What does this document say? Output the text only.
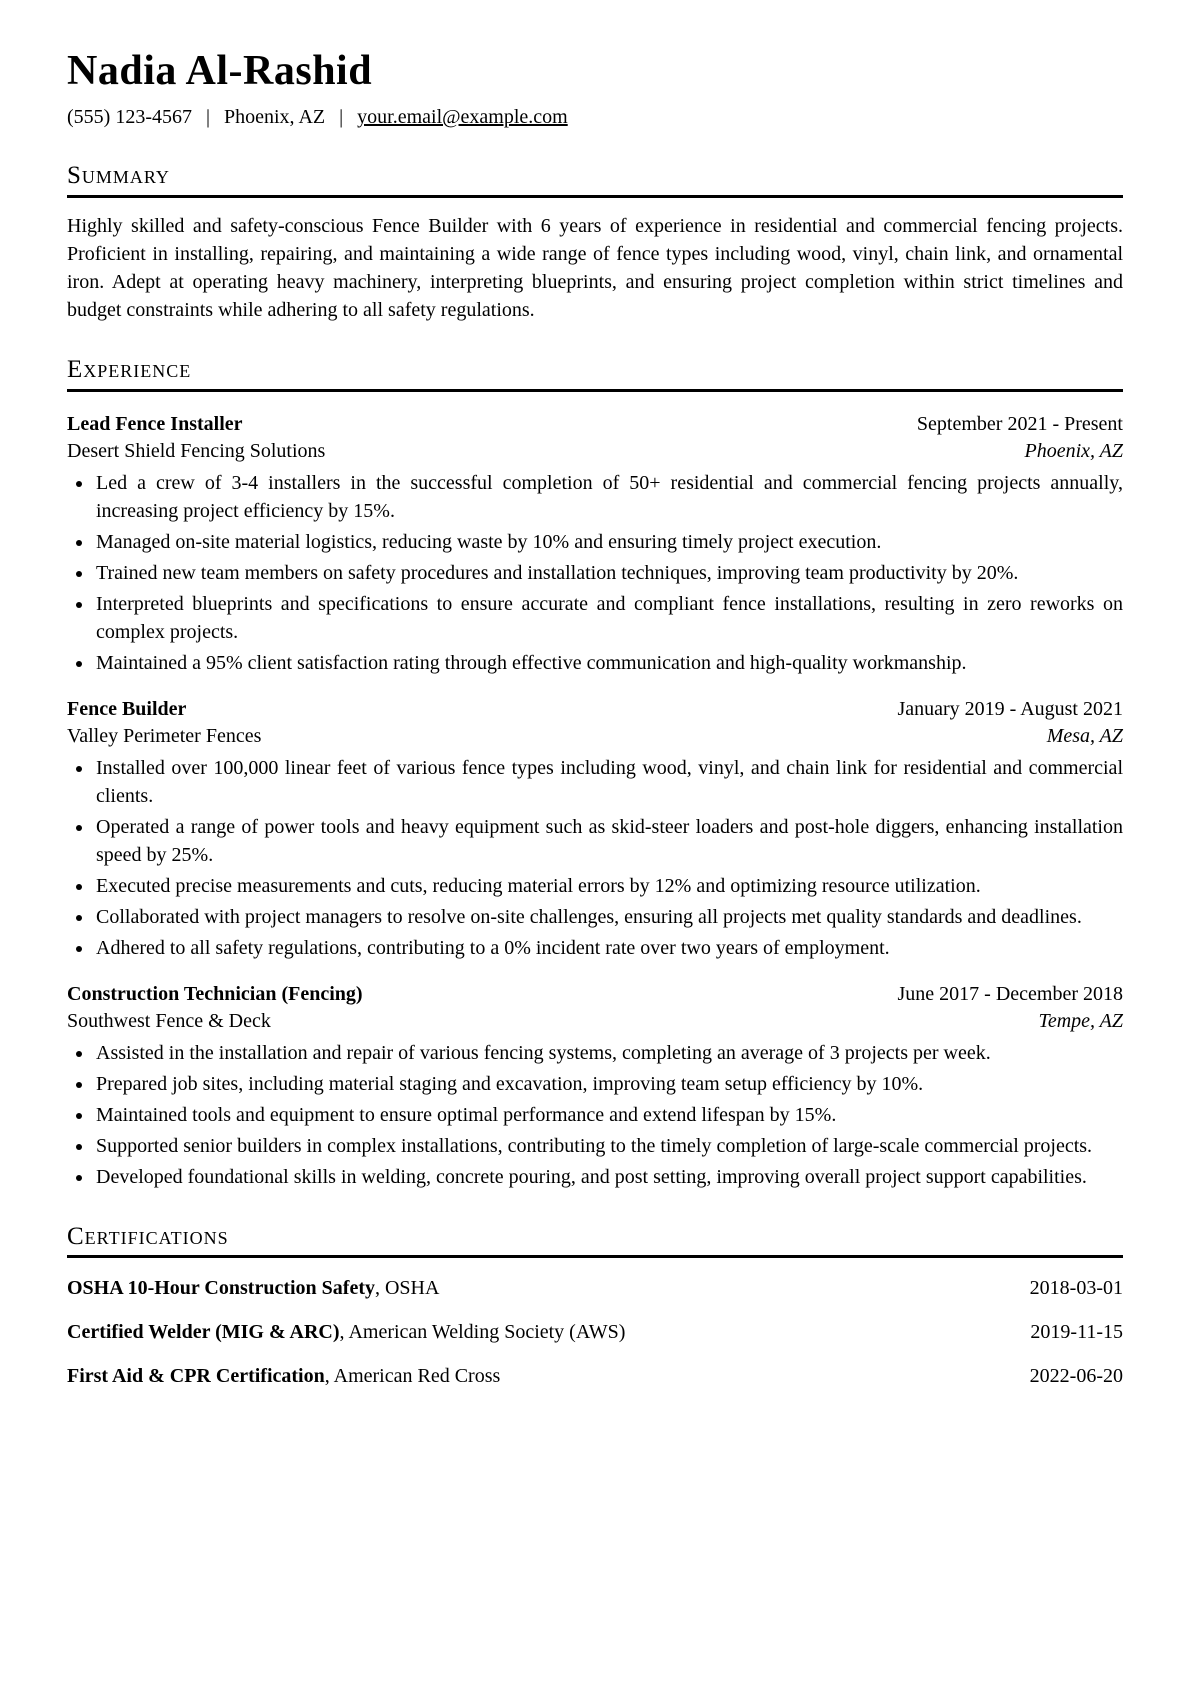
Nadia Al-Rashid
(555) 123-4567 | Phoenix, AZ | your.email@example.com
Summary

Highly skilled and safety-conscious Fence Builder with 6 years of experience in residential and commercial fencing projects. Proficient in installing, repairing, and maintaining a wide range of fence types including wood, vinyl, chain link, and ornamental iron. Adept at operating heavy machinery, interpreting blueprints, and ensuring project completion within strict timelines and budget constraints while adhering to all safety regulations.

Experience
Lead Fence Installer	September 2021 - Present
Desert Shield Fencing Solutions	Phoenix, AZ
• Led a crew of 3-4 installers in the successful completion of 50+ residential and commercial fencing projects annually, increasing project efficiency by 15%.
• Managed on-site material logistics, reducing waste by 10% and ensuring timely project execution.
• Trained new team members on safety procedures and installation techniques, improving team productivity by 20%.
• Interpreted blueprints and specifications to ensure accurate and compliant fence installations, resulting in zero reworks on complex projects.
• Maintained a 95% client satisfaction rating through effective communication and high-quality workmanship.
Fence Builder	January 2019 - August 2021
Valley Perimeter Fences	Mesa, AZ
• Installed over 100,000 linear feet of various fence types including wood, vinyl, and chain link for residential and commercial clients.
• Operated a range of power tools and heavy equipment such as skid-steer loaders and post-hole diggers, enhancing installation speed by 25%.
• Executed precise measurements and cuts, reducing material errors by 12% and optimizing resource utilization.
• Collaborated with project managers to resolve on-site challenges, ensuring all projects met quality standards and deadlines.
• Adhered to all safety regulations, contributing to a 0% incident rate over two years of employment.
Construction Technician (Fencing)	June 2017 - December 2018
Southwest Fence & Deck	Tempe, AZ
• Assisted in the installation and repair of various fencing systems, completing an average of 3 projects per week.
• Prepared job sites, including material staging and excavation, improving team setup efficiency by 10%.
• Maintained tools and equipment to ensure optimal performance and extend lifespan by 15%.
• Supported senior builders in complex installations, contributing to the timely completion of large-scale commercial projects.
• Developed foundational skills in welding, concrete pouring, and post setting, improving overall project support capabilities.
Certifications
OSHA 10-Hour Construction Safety, OSHA	2018-03-01
Certified Welder (MIG & ARC), American Welding Society (AWS)	2019-11-15
First Aid & CPR Certification, American Red Cross	2022-06-20
